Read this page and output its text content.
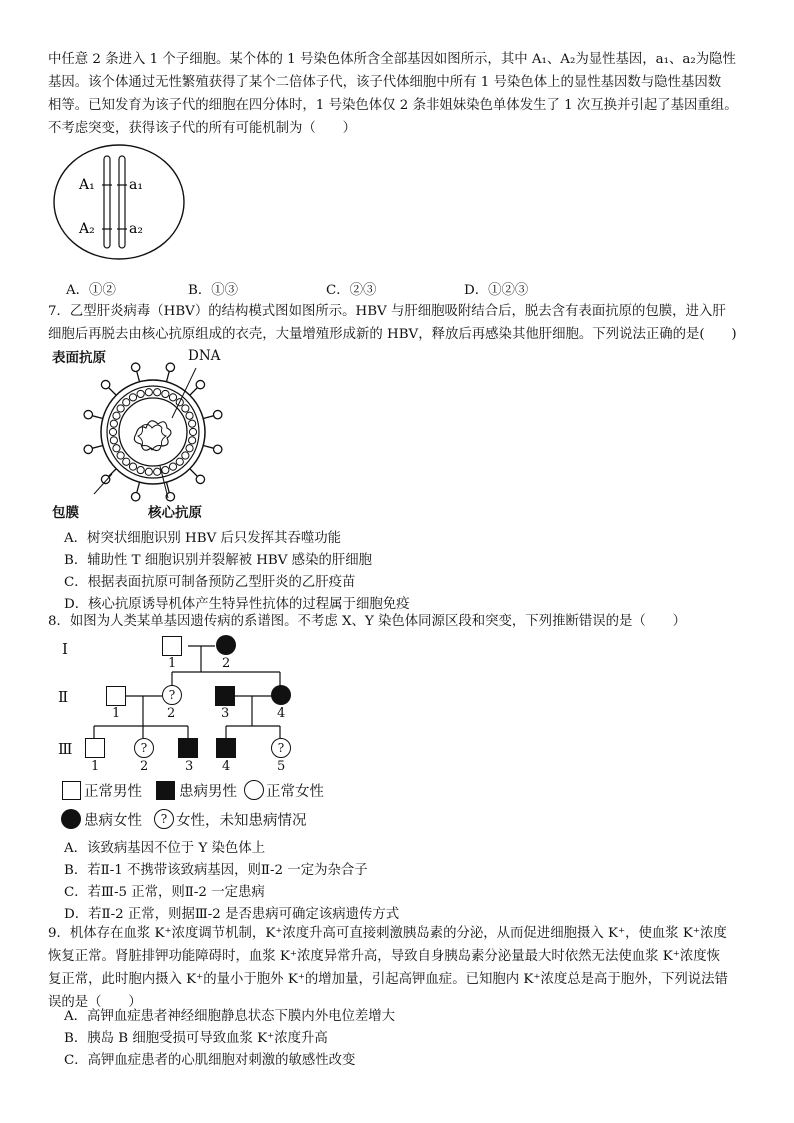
中任意 2 条进入 1 个子细胞。某个体的 1 号染色体所含全部基因如图所示，其中 A₁、A₂为显性基因，a₁、a₂为隐性
基因。该个体通过无性繁殖获得了某个二倍体子代，该子代体细胞中所有 1 号染色体上的显性基因数与隐性基因数
相等。已知发育为该子代的细胞在四分体时，1 号染色体仅 2 条非姐妹染色单体发生了 1 次互换并引起了基因重组。
不考虑突变，获得该子代的所有可能机制为（　　）
A₁ a₁
A₂ a₂
A．①②	B．①③	C．②③	D．①②③
7．乙型肝炎病毒（HBV）的结构模式图如图所示。HBV 与肝细胞吸附结合后，脱去含有表面抗原的包膜，进入肝
细胞后再脱去由核心抗原组成的衣壳，大量增殖形成新的 HBV，释放后再感染其他肝细胞。下列说法正确的是(　　)
表面抗原	DNA
包膜	核心抗原
A．树突状细胞识别 HBV 后只发挥其吞噬功能
B．辅助性 T 细胞识别并裂解被 HBV 感染的肝细胞
C．根据表面抗原可制备预防乙型肝炎的乙肝疫苗
D．核心抗原诱导机体产生特异性抗体的过程属于细胞免疫
8．如图为人类某单基因遗传病的系谱图。不考虑 X、Y 染色体同源区段和突变，下列推断错误的是（　　）
Ⅰ
Ⅱ
Ⅲ
1	2
?
1	2	3	4
?	?
1	2	3 4	5
正常男性	患病男性 正常女性
患病女性	? 女性，未知患病情况
A．该致病基因不位于 Y 染色体上
B．若Ⅱ-1 不携带该致病基因，则Ⅱ-2 一定为杂合子
C．若Ⅲ-5 正常，则Ⅱ-2 一定患病
D．若Ⅱ-2 正常，则据Ⅲ-2 是否患病可确定该病遗传方式
9．机体存在血浆 K⁺浓度调节机制，K⁺浓度升高可直接刺激胰岛素的分泌，从而促进细胞摄入 K⁺，使血浆 K⁺浓度
恢复正常。肾脏排钾功能障碍时，血浆 K⁺浓度异常升高，导致自身胰岛素分泌量最大时依然无法使血浆 K⁺浓度恢
复正常，此时胞内摄入 K⁺的量小于胞外 K⁺的增加量，引起高钾血症。已知胞内 K⁺浓度总是高于胞外，下列说法错
误的是（　　）
A．高钾血症患者神经细胞静息状态下膜内外电位差增大
B．胰岛 B 细胞受损可导致血浆 K⁺浓度升高
C．高钾血症患者的心肌细胞对刺激的敏感性改变
